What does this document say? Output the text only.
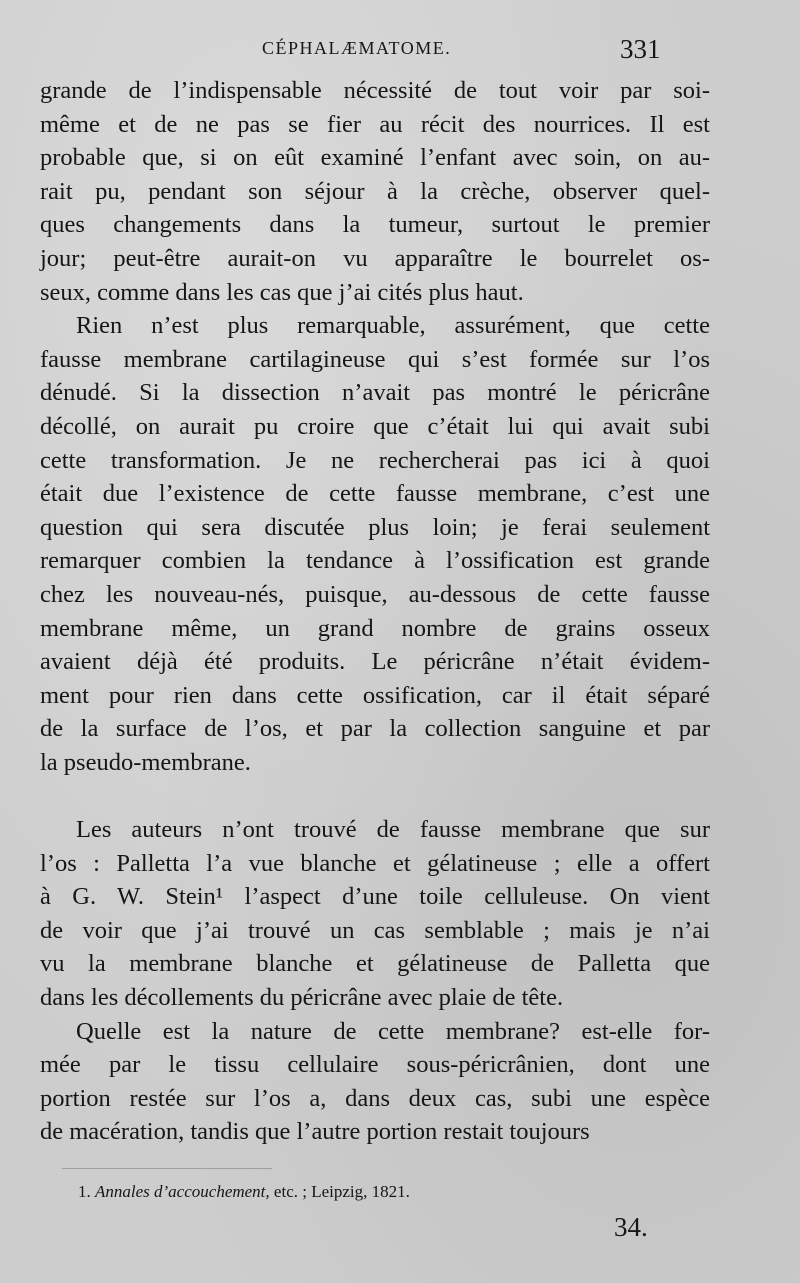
CÉPHALÆMATOME.	331
grande de l’indispensable nécessité de tout voir par soi-
même et de ne pas se fier au récit des nourrices. Il est
probable que, si on eût examiné l’enfant avec soin, on au-
rait pu, pendant son séjour à la crèche, observer quel-
ques changements dans la tumeur, surtout le premier
jour; peut-être aurait-on vu apparaître le bourrelet os-
seux, comme dans les cas que j’ai cités plus haut.
Rien n’est plus remarquable, assurément, que cette
fausse membrane cartilagineuse qui s’est formée sur l’os
dénudé. Si la dissection n’avait pas montré le péricrâne
décollé, on aurait pu croire que c’était lui qui avait subi
cette transformation. Je ne rechercherai pas ici à quoi
était due l’existence de cette fausse membrane, c’est une
question qui sera discutée plus loin; je ferai seulement
remarquer combien la tendance à l’ossification est grande
chez les nouveau-nés, puisque, au-dessous de cette fausse
membrane même, un grand nombre de grains osseux
avaient déjà été produits. Le péricrâne n’était évidem-
ment pour rien dans cette ossification, car il était séparé
de la surface de l’os, et par la collection sanguine et par
la pseudo-membrane.
Les auteurs n’ont trouvé de fausse membrane que sur
l’os : Palletta l’a vue blanche et gélatineuse ; elle a offert
à G. W. Stein¹ l’aspect d’une toile celluleuse. On vient
de voir que j’ai trouvé un cas semblable ; mais je n’ai
vu la membrane blanche et gélatineuse de Palletta que
dans les décollements du péricrâne avec plaie de tête.
Quelle est la nature de cette membrane? est-elle for-
mée par le tissu cellulaire sous-péricrânien, dont une
portion restée sur l’os a, dans deux cas, subi une espèce
de macération, tandis que l’autre portion restait toujours
1. Annales d’accouchement, etc. ; Leipzig, 1821.
34.
